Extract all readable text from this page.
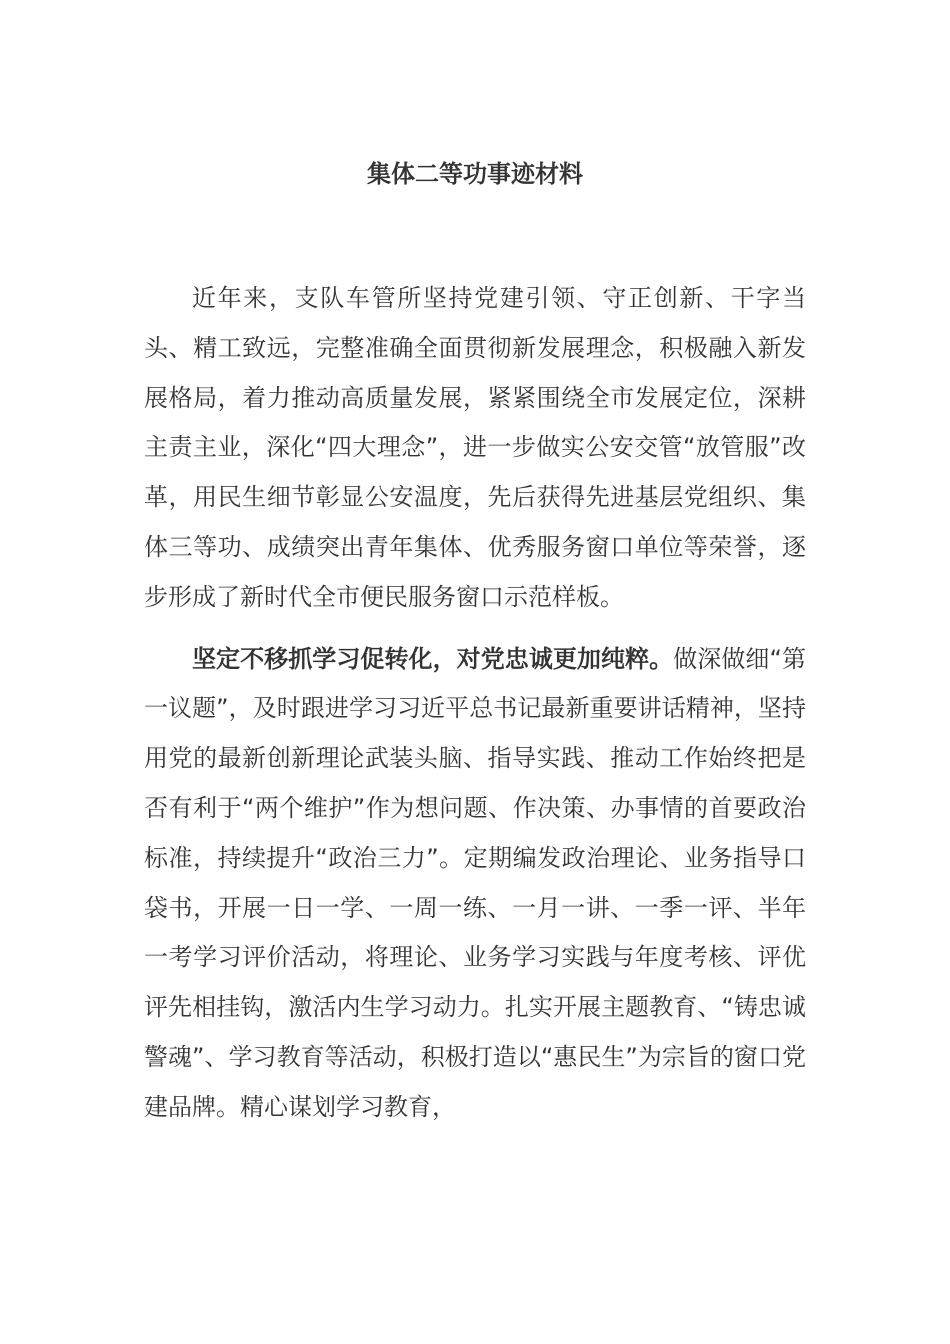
集体二等功事迹材料

近年来，支队车管所坚持党建引领、守正创新、干字当头、精工致远，完整准确全面贯彻新发展理念，积极融入新发展格局，着力推动高质量发展，紧紧围绕全市发展定位，深耕主责主业，深化“四大理念”，进一步做实公安交管“放管服”改革，用民生细节彰显公安温度，先后获得先进基层党组织、集体三等功、成绩突出青年集体、优秀服务窗口单位等荣誉，逐步形成了新时代全市便民服务窗口示范样板。

坚定不移抓学习促转化，对党忠诚更加纯粹。做深做细“第一议题”，及时跟进学习习近平总书记最新重要讲话精神，坚持用党的最新创新理论武装头脑、指导实践、推动工作始终把是否有利于“两个维护”作为想问题、作决策、办事情的首要政治标准，持续提升“政治三力”。定期编发政治理论、业务指导口袋书，开展一日一学、一周一练、一月一讲、一季一评、半年一考学习评价活动，将理论、业务学习实践与年度考核、评优评先相挂钩，激活内生学习动力。扎实开展主题教育、“铸忠诚警魂”、学习教育等活动，积极打造以“惠民生”为宗旨的窗口党建品牌。精心谋划学习教育，
